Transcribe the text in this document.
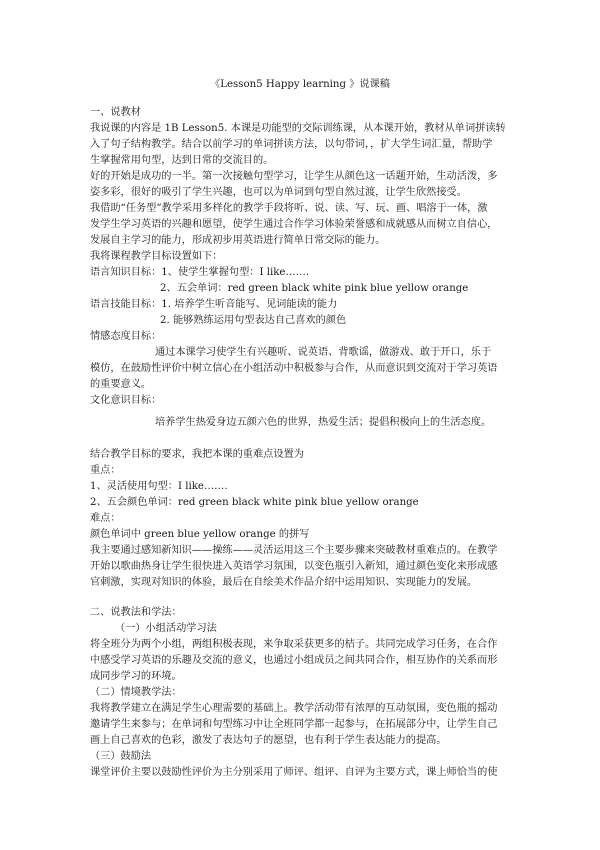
《Lesson5 Happy learning 》说课稿
一、说教材
我说课的内容是 1B Lesson5. 本课是功能型的交际训练课，从本课开始，教材从单词拼读转
入了句子结构教学。结合以前学习的单词拼读方法，以句带词，，扩大学生词汇量，帮助学
生掌握常用句型，达到日常的交流目的。
好的开始是成功的一半。第一次接触句型学习，让学生从颜色这一话题开始，生动活泼，多
姿多彩，很好的吸引了学生兴趣，也可以为单词到句型自然过渡，让学生欣然接受。
我借助“任务型”教学采用多样化的教学手段将听、说、读、写、玩、画、唱溶于一体，激
发学生学习英语的兴趣和愿望，使学生通过合作学习体验荣誉感和成就感从而树立自信心，
发展自主学习的能力，形成初步用英语进行简单日常交际的能力。
我将课程教学目标设置如下：
语言知识目标：1、使学生掌握句型：I like…….
2、五会单词：red green black white pink blue yellow orange
语言技能目标：1. 培养学生听音能写、见词能读的能力
2. 能够熟练运用句型表达自己喜欢的颜色
情感态度目标：
通过本课学习使学生有兴趣听、说英语、背歌谣，做游戏、敢于开口，乐于
模仿，在鼓励性评价中树立信心在小组活动中积极参与合作，从而意识到交流对于学习英语
的重要意义。
文化意识目标：
培养学生热爱身边五颜六色的世界，热爱生活；提倡积极向上的生活态度。
结合教学目标的要求，我把本课的重难点设置为
重点：
1、灵活使用句型：I like…….
2、五会颜色单词：red green black white pink blue yellow orange
难点：
颜色单词中 green blue yellow orange 的拼写
我主要通过感知新知识——操练——灵活运用这三个主要步骤来突破教材重难点的。在教学
开始以歌曲热身让学生很快进入英语学习氛围，以变色瓶引入新知，通过颜色变化来形成感
官刺激，实现对知识的体验，最后在自绘美术作品介绍中运用知识、实现能力的发展。
二、说教法和学法：
（一）小组活动学习法
将全班分为两个小组，两组积极表现，来争取采获更多的桔子。共同完成学习任务，在合作
中感受学习英语的乐趣及交流的意义，也通过小组成员之间共同合作，相互协作的关系而形
成同步学习的环境。
（二）情境教学法：
我将教学建立在满足学生心理需要的基础上。教学活动带有浓厚的互动氛围，变色瓶的摇动
邀请学生来参与；在单词和句型练习中让全班同学都一起参与，在拓展部分中，让学生自己
画上自己喜欢的色彩，激发了表达句子的愿望，也有利于学生表达能力的提高。
（三）鼓励法
课堂评价主要以鼓励性评价为主分别采用了师评、组评、自评为主要方式，课上师恰当的使
